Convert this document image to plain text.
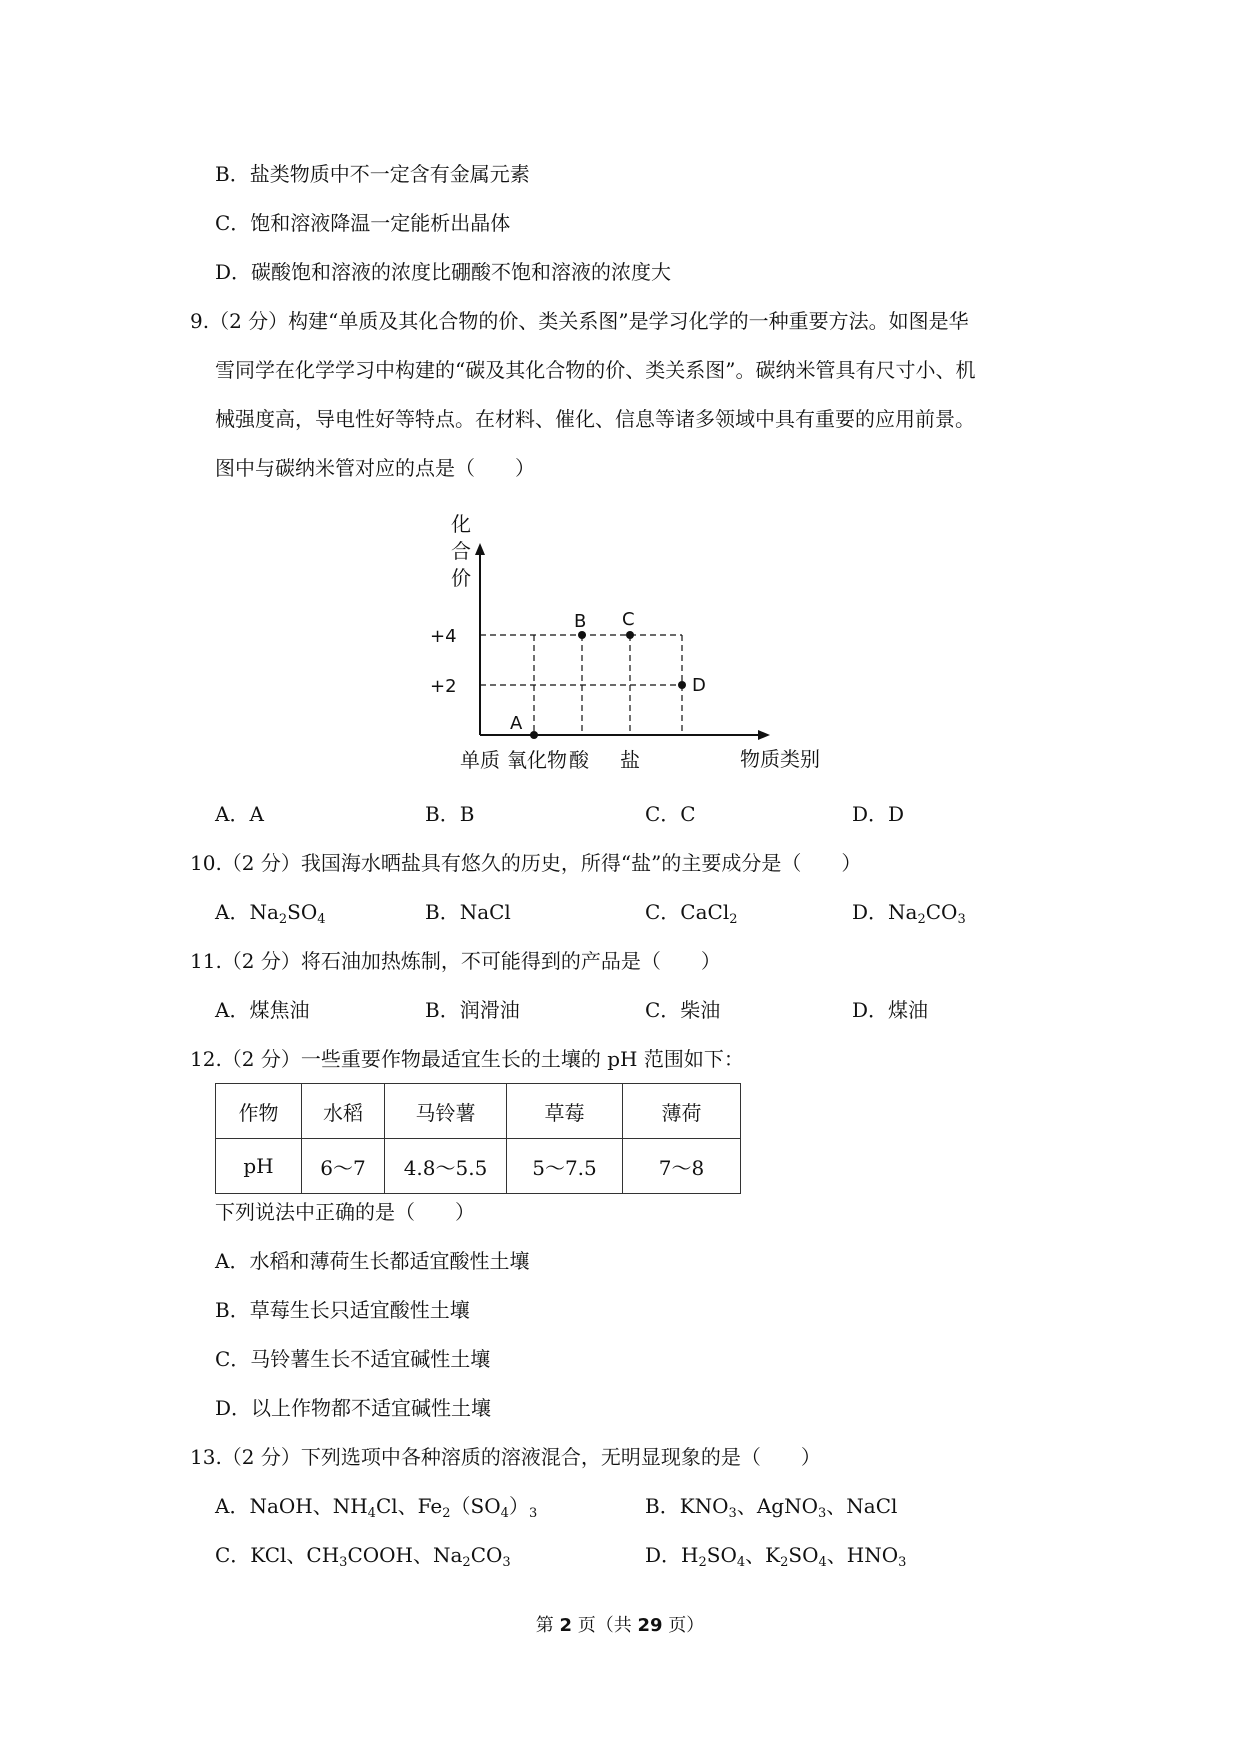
B．盐类物质中不一定含有金属元素
C．饱和溶液降温一定能析出晶体
D．碳酸饱和溶液的浓度比硼酸不饱和溶液的浓度大
9.（2 分）构建“单质及其化合物的价、类关系图”是学习化学的一种重要方法。如图是华
雪同学在化学学习中构建的“碳及其化合物的价、类关系图”。碳纳米管具有尺寸小、机
械强度高，导电性好等特点。在材料、催化、信息等诸多领域中具有重要的应用前景。
图中与碳纳米管对应的点是（　　）
化
合
价
+4
+2
单质 氧化物 酸 盐
A
B C
D
物质类别
A．A	B．B	C．C	D．D
10.（2 分）我国海水晒盐具有悠久的历史，所得“盐”的主要成分是（　　）
A．$Na_2SO_4$	B．NaCl	C．CaCl$_2$	D．$Na_2CO_3$
11.（2 分）将石油加热炼制，不可能得到的产品是（　　）
A．煤焦油	B．润滑油	C．柴油	D．煤油
12.（2 分）一些重要作物最适宜生长的土壤的 pH 范围如下：
作物	水稻	马铃薯	草莓	薄荷
pH	6～7	4.8～5.5	5～7.5	7～8
下列说法中正确的是（　　）
A．水稻和薄荷生长都适宜酸性土壤
B．草莓生长只适宜酸性土壤
C．马铃薯生长不适宜碱性土壤
D．以上作物都不适宜碱性土壤
13.（2 分）下列选项中各种溶质的溶液混合，无明显现象的是（　　）
A．NaOH、$NH_4Cl$、$Fe_2(SO_4)_3$	B．$KNO_3$、AgNO$_3$、NaCl
C．KCl、$CH_3COOH$、$Na_2CO_3$	D．$H_2SO_4$、$K_2SO_4$、$HNO_3$
第 2 页（共 29 页）
